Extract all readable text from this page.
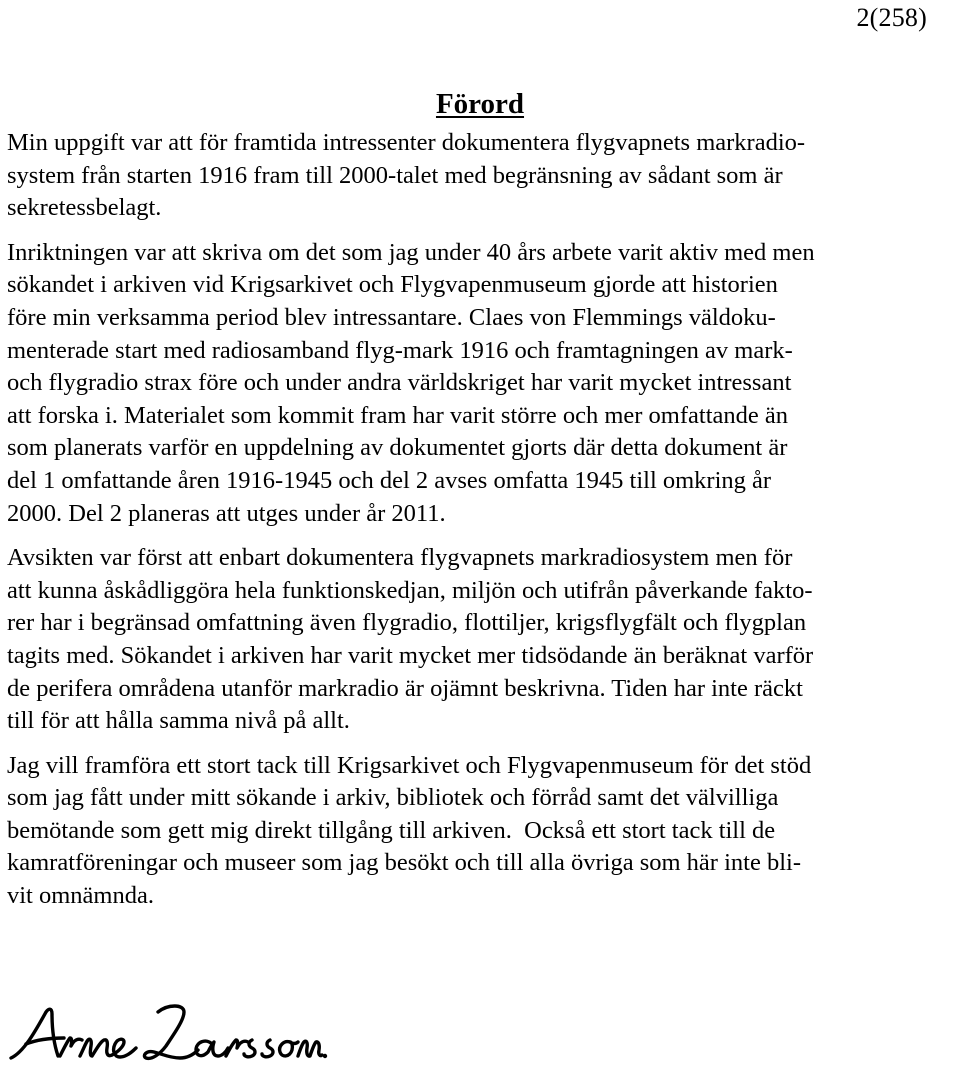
2(258)
Förord

Min uppgift var att för framtida intressenter dokumentera flygvapnets markradio-
system från starten 1916 fram till 2000-talet med begränsning av sådant som är
sekretessbelagt.

Inriktningen var att skriva om det som jag under 40 års arbete varit aktiv med men
sökandet i arkiven vid Krigsarkivet och Flygvapenmuseum gjorde att historien
före min verksamma period blev intressantare. Claes von Flemmings väldoku-
menterade start med radiosamband flyg-mark 1916 och framtagningen av mark-
och flygradio strax före och under andra världskriget har varit mycket intressant
att forska i. Materialet som kommit fram har varit större och mer omfattande än
som planerats varför en uppdelning av dokumentet gjorts där detta dokument är
del 1 omfattande åren 1916-1945 och del 2 avses omfatta 1945 till omkring år
2000. Del 2 planeras att utges under år 2011.

Avsikten var först att enbart dokumentera flygvapnets markradiosystem men för
att kunna åskådliggöra hela funktionskedjan, miljön och utifrån påverkande fakto-
rer har i begränsad omfattning även flygradio, flottiljer, krigsflygfält och flygplan
tagits med. Sökandet i arkiven har varit mycket mer tidsödande än beräknat varför
de perifera områdena utanför markradio är ojämnt beskrivna. Tiden har inte räckt
till för att hålla samma nivå på allt.

Jag vill framföra ett stort tack till Krigsarkivet och Flygvapenmuseum för det stöd
som jag fått under mitt sökande i arkiv, bibliotek och förråd samt det välvilliga
bemötande som gett mig direkt tillgång till arkiven.  Också ett stort tack till de
kamratföreningar och museer som jag besökt och till alla övriga som här inte bli-
vit omnämnda.
